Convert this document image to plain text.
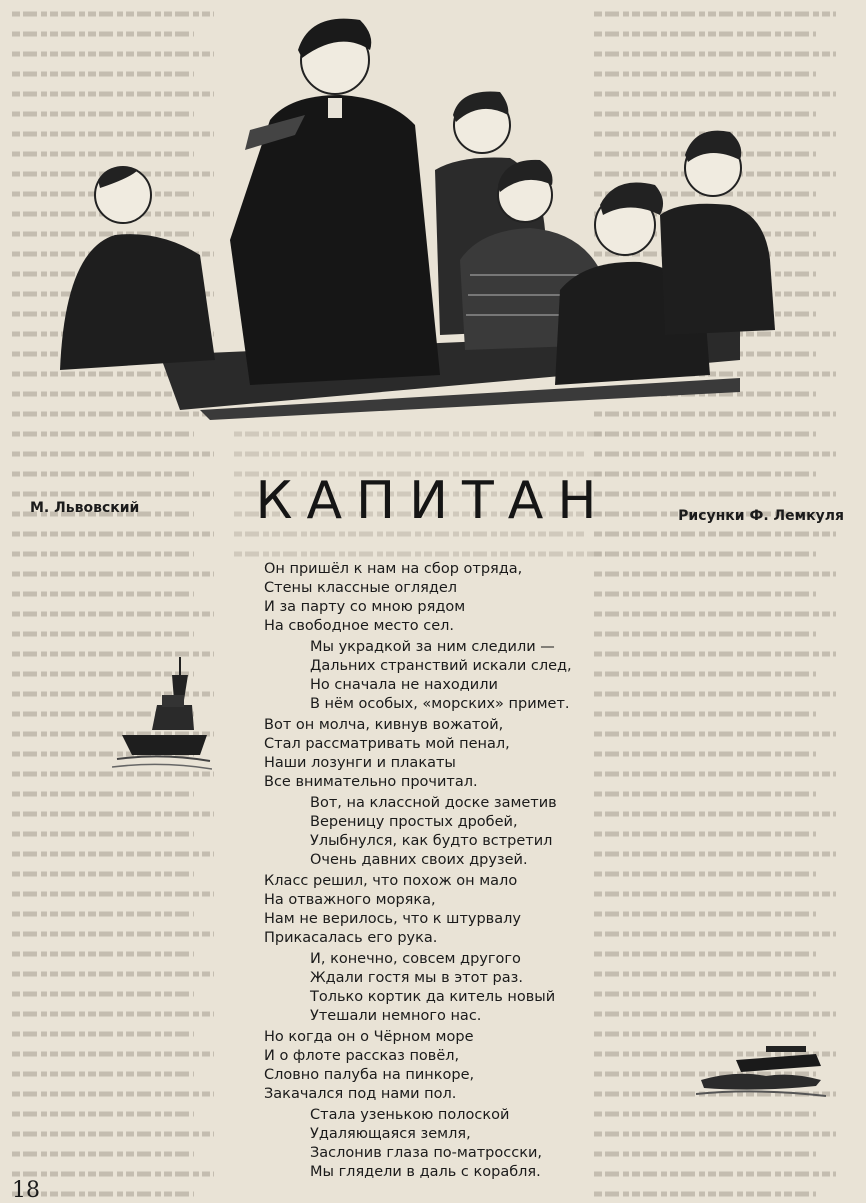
КАПИТАН
М. Львовский	Рисунки Ф. Лемкуля
Он пришёл к нам на сбор отряда,
Стены классные оглядел
И за парту со мною рядом
На свободное место сел.
Мы украдкой за ним следили —
Дальних странствий искали след,
Но сначала не находили
В нём особых, «морских» примет.
Вот он молча, кивнув вожатой,
Стал рассматривать мой пенал,
Наши лозунги и плакаты
Все внимательно прочитал.
Вот, на классной доске заметив
Вереницу простых дробей,
Улыбнулся, как будто встретил
Очень давних своих друзей.
Класс решил, что похож он мало
На отважного моряка,
Нам не верилось, что к штурвалу
Прикасалась его рука.
И, конечно, совсем другого
Ждали гостя мы в этот раз.
Только кортик да китель новый
Утешали немного нас.
Но когда он о Чёрном море
И о флоте рассказ повёл,
Словно палуба на пинкоре,
Закачался под нами пол.
Стала узенькою полоской
Удаляющаяся земля,
Заслонив глаза по-матросски,
Мы глядели в даль с корабля.
18
